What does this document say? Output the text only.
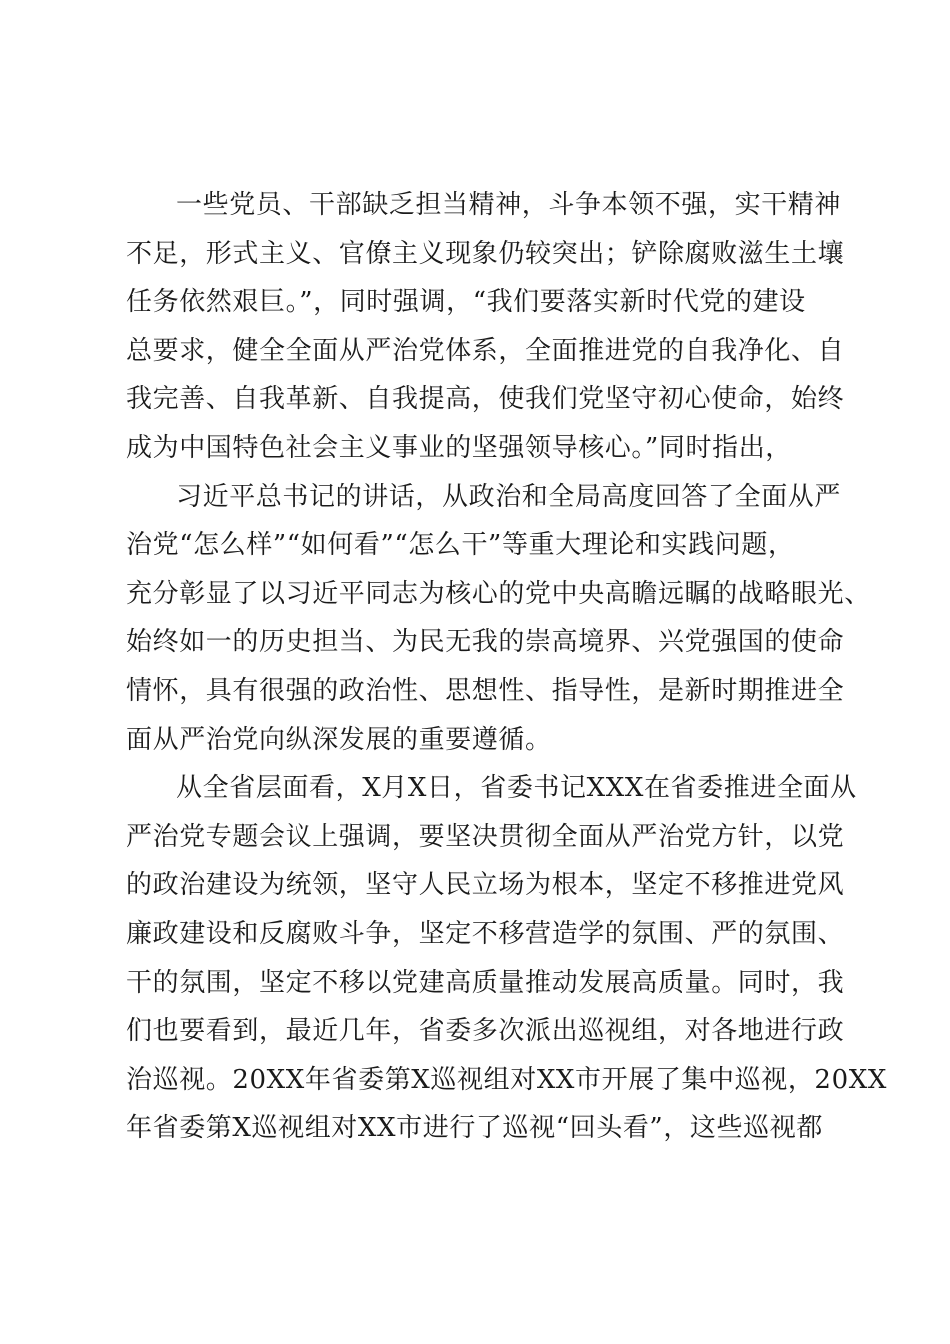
一些党员、干部缺乏担当精神，斗争本领不强，实干精神
不足，形式主义、官僚主义现象仍较突出；铲除腐败滋生土壤
任务依然艰巨。”，同时强调，“我们要落实新时代党的建设
总要求，健全全面从严治党体系，全面推进党的自我净化、自
我完善、自我革新、自我提高，使我们党坚守初心使命，始终
成为中国特色社会主义事业的坚强领导核心。”同时指出，

习近平总书记的讲话，从政治和全局高度回答了全面从严
治党“怎么样”“如何看”“怎么干”等重大理论和实践问题，
充分彰显了以习近平同志为核心的党中央高瞻远瞩的战略眼光、
始终如一的历史担当、为民无我的崇高境界、兴党强国的使命
情怀，具有很强的政治性、思想性、指导性，是新时期推进全
面从严治党向纵深发展的重要遵循。

从全省层面看，X月X日，省委书记XXX在省委推进全面从
严治党专题会议上强调，要坚决贯彻全面从严治党方针，以党
的政治建设为统领，坚守人民立场为根本，坚定不移推进党风
廉政建设和反腐败斗争，坚定不移营造学的氛围、严的氛围、
干的氛围，坚定不移以党建高质量推动发展高质量。同时，我
们也要看到，最近几年，省委多次派出巡视组，对各地进行政
治巡视。20XX年省委第X巡视组对XX市开展了集中巡视，20XX
年省委第X巡视组对XX市进行了巡视“回头看”，这些巡视都
